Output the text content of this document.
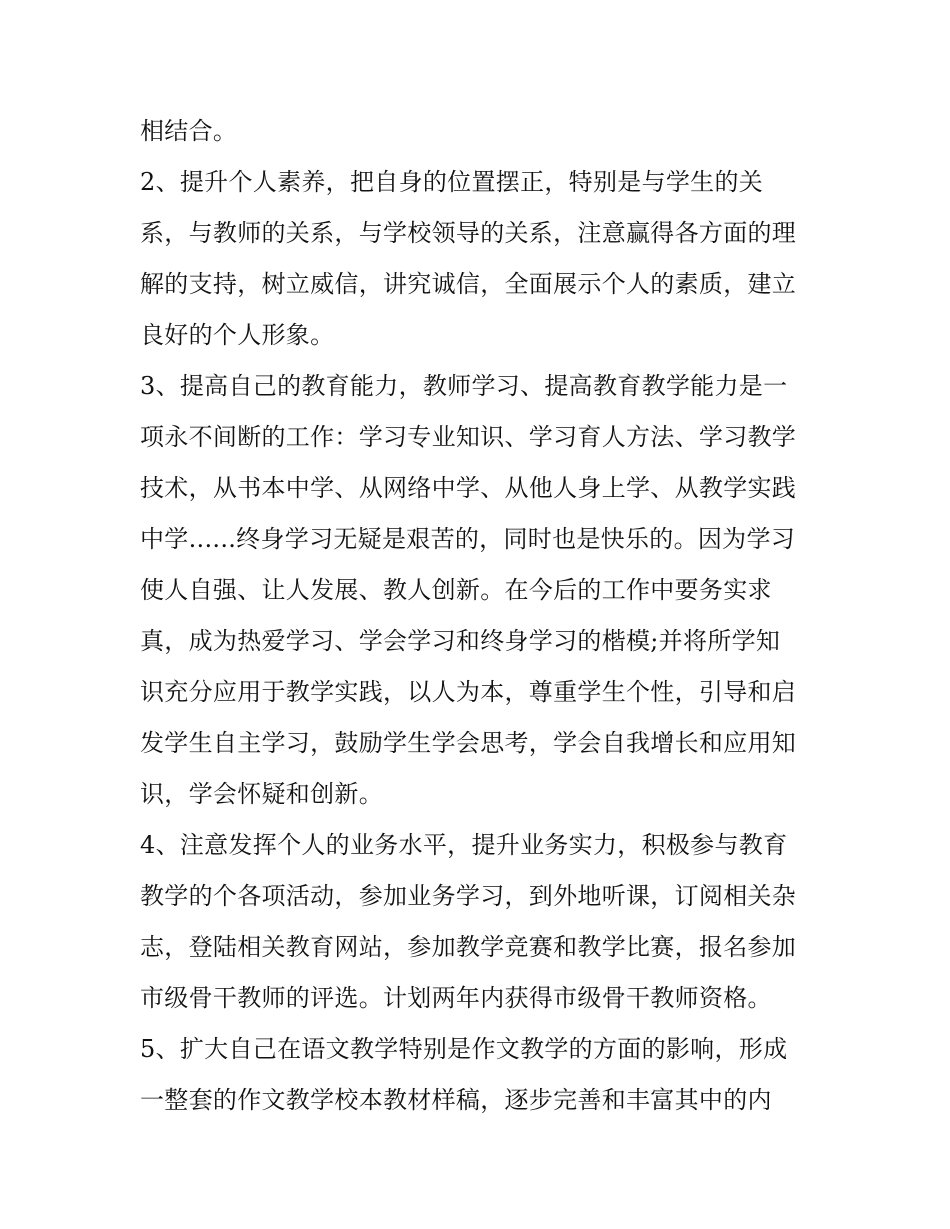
相结合。
2、提升个人素养，把自身的位置摆正，特别是与学生的关
系，与教师的关系，与学校领导的关系，注意赢得各方面的理
解的支持，树立威信，讲究诚信，全面展示个人的素质，建立
良好的个人形象。
3、提高自己的教育能力，教师学习、提高教育教学能力是一
项永不间断的工作：学习专业知识、学习育人方法、学习教学
技术，从书本中学、从网络中学、从他人身上学、从教学实践
中学......终身学习无疑是艰苦的，同时也是快乐的。因为学习
使人自强、让人发展、教人创新。在今后的工作中要务实求
真，成为热爱学习、学会学习和终身学习的楷模;并将所学知
识充分应用于教学实践，以人为本，尊重学生个性，引导和启
发学生自主学习，鼓励学生学会思考，学会自我增长和应用知
识，学会怀疑和创新。
4、注意发挥个人的业务水平，提升业务实力，积极参与教育
教学的个各项活动，参加业务学习，到外地听课，订阅相关杂
志，登陆相关教育网站，参加教学竞赛和教学比赛，报名参加
市级骨干教师的评选。计划两年内获得市级骨干教师资格。
5、扩大自己在语文教学特别是作文教学的方面的影响，形成
一整套的作文教学校本教材样稿，逐步完善和丰富其中的内
